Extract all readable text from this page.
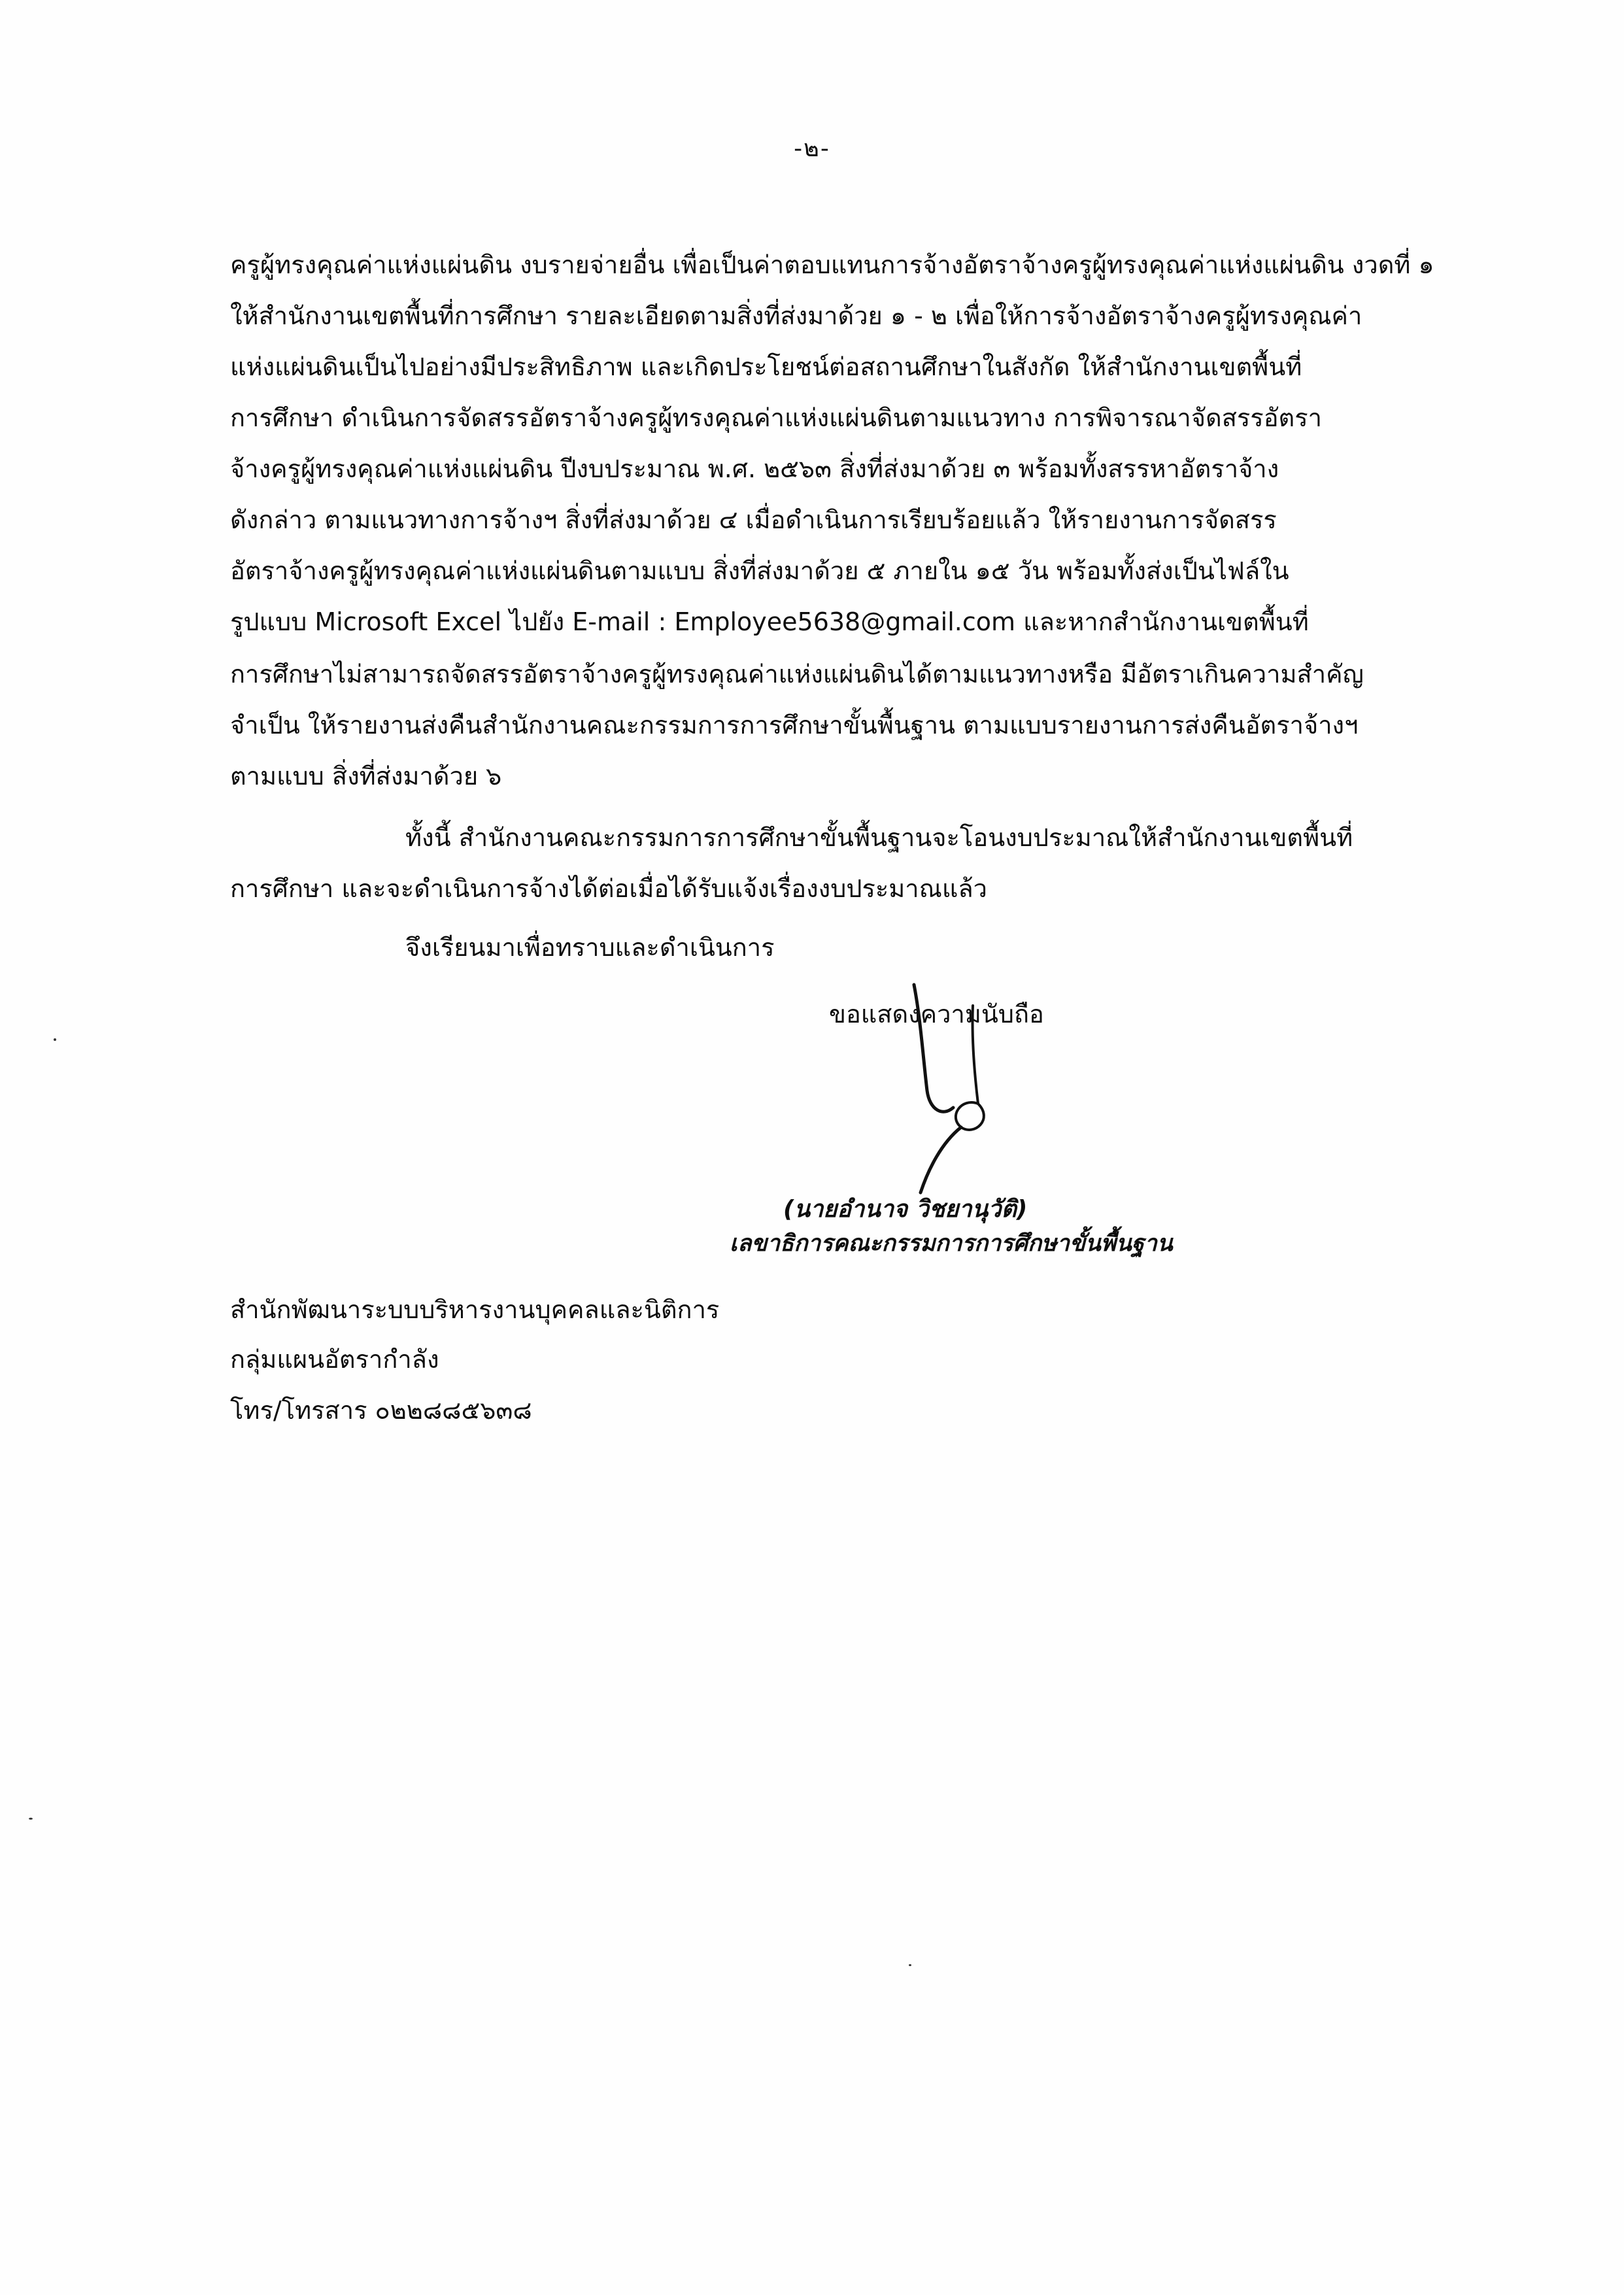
-๒-
ครูผู้ทรงคุณค่าแห่งแผ่นดิน งบรายจ่ายอื่น เพื่อเป็นค่าตอบแทนการจ้างอัตราจ้างครูผู้ทรงคุณค่าแห่งแผ่นดิน งวดที่ ๑
ให้สำนักงานเขตพื้นที่การศึกษา รายละเอียดตามสิ่งที่ส่งมาด้วย ๑ - ๒ เพื่อให้การจ้างอัตราจ้างครูผู้ทรงคุณค่า
แห่งแผ่นดินเป็นไปอย่างมีประสิทธิภาพ และเกิดประโยชน์ต่อสถานศึกษาในสังกัด ให้สำนักงานเขตพื้นที่
การศึกษา ดำเนินการจัดสรรอัตราจ้างครูผู้ทรงคุณค่าแห่งแผ่นดินตามแนวทาง การพิจารณาจัดสรรอัตรา
จ้างครูผู้ทรงคุณค่าแห่งแผ่นดิน ปีงบประมาณ พ.ศ. ๒๕๖๓ สิ่งที่ส่งมาด้วย ๓ พร้อมทั้งสรรหาอัตราจ้าง
ดังกล่าว ตามแนวทางการจ้างฯ สิ่งที่ส่งมาด้วย ๔ เมื่อดำเนินการเรียบร้อยแล้ว ให้รายงานการจัดสรร
อัตราจ้างครูผู้ทรงคุณค่าแห่งแผ่นดินตามแบบ สิ่งที่ส่งมาด้วย ๕ ภายใน ๑๕ วัน พร้อมทั้งส่งเป็นไฟล์ใน
รูปแบบ Microsoft Excel ไปยัง E-mail : Employee5638@gmail.com และหากสำนักงานเขตพื้นที่
การศึกษาไม่สามารถจัดสรรอัตราจ้างครูผู้ทรงคุณค่าแห่งแผ่นดินได้ตามแนวทางหรือ มีอัตราเกินความสำคัญ
จำเป็น ให้รายงานส่งคืนสำนักงานคณะกรรมการการศึกษาขั้นพื้นฐาน ตามแบบรายงานการส่งคืนอัตราจ้างฯ
ตามแบบ สิ่งที่ส่งมาด้วย ๖
ทั้งนี้ สำนักงานคณะกรรมการการศึกษาขั้นพื้นฐานจะโอนงบประมาณให้สำนักงานเขตพื้นที่
การศึกษา และจะดำเนินการจ้างได้ต่อเมื่อได้รับแจ้งเรื่องงบประมาณแล้ว
จึงเรียนมาเพื่อทราบและดำเนินการ
ขอแสดงความนับถือ
(นายอำนาจ วิชยานุวัติ)
เลขาธิการคณะกรรมการการศึกษาขั้นพื้นฐาน
สำนักพัฒนาระบบบริหารงานบุคคลและนิติการ
กลุ่มแผนอัตรากำลัง
โทร/โทรสาร ๐๒๒๘๘๕๖๓๘
